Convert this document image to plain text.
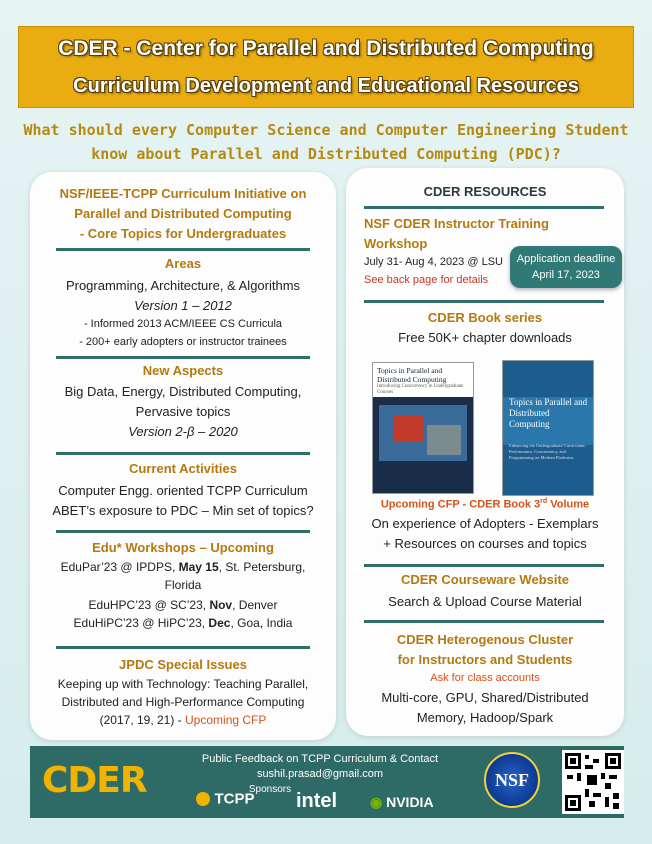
CDER - Center for Parallel and Distributed Computing
Curriculum Development and Educational Resources
What should every Computer Science and Computer Engineering Student
know about Parallel and Distributed Computing (PDC)?
NSF/IEEE-TCPP Curriculum Initiative on
Parallel and Distributed Computing
- Core Topics for Undergraduates
Areas
Programming, Architecture, & Algorithms
Version 1 – 2012
- Informed 2013 ACM/IEEE CS Curricula
- 200+ early adopters or instructor trainees
New Aspects
Big Data, Energy, Distributed Computing,
Pervasive topics
Version 2-β – 2020
Current Activities
Computer Engg. oriented TCPP Curriculum
ABET’s exposure to PDC – Min set of topics?
Edu* Workshops – Upcoming
EduPar’23 @ IPDPS, May 15, St. Petersburg,
Florida
EduHPC’23 @ SC’23, Nov, Denver
EduHiPC’23 @ HiPC’23, Dec, Goa, India
JPDC Special Issues
Keeping up with Technology: Teaching Parallel,
Distributed and High-Performance Computing
(2017, 19, 21) - Upcoming CFP
CDER RESOURCES
NSF CDER Instructor Training
Workshop
July 31- Aug 4, 2023 @ LSU
See back page for details
CDER Book series
Free 50K+ chapter downloads
Topics in Parallel and Distributed Computing
Introducing Concurrency in Undergraduate Courses
Topics in Parallel and Distributed Computing
Enhancing the Undergraduate Curriculum: Performance, Concurrency, and Programming on Modern Platforms
Upcoming CFP - CDER Book 3rd Volume
On experience of Adopters - Exemplars
+ Resources on courses and topics
CDER Courseware Website
Search & Upload Course Material
CDER Heterogenous Cluster
for Instructors and Students
Ask for class accounts
Multi-core, GPU, Shared/Distributed
Memory, Hadoop/Spark
Application deadline
April 17, 2023
CDER
Public Feedback on TCPP Curriculum & Contact
sushil.prasad@gmail.com
Sponsors
TCPP intel ◉ NVIDIA
NSF
